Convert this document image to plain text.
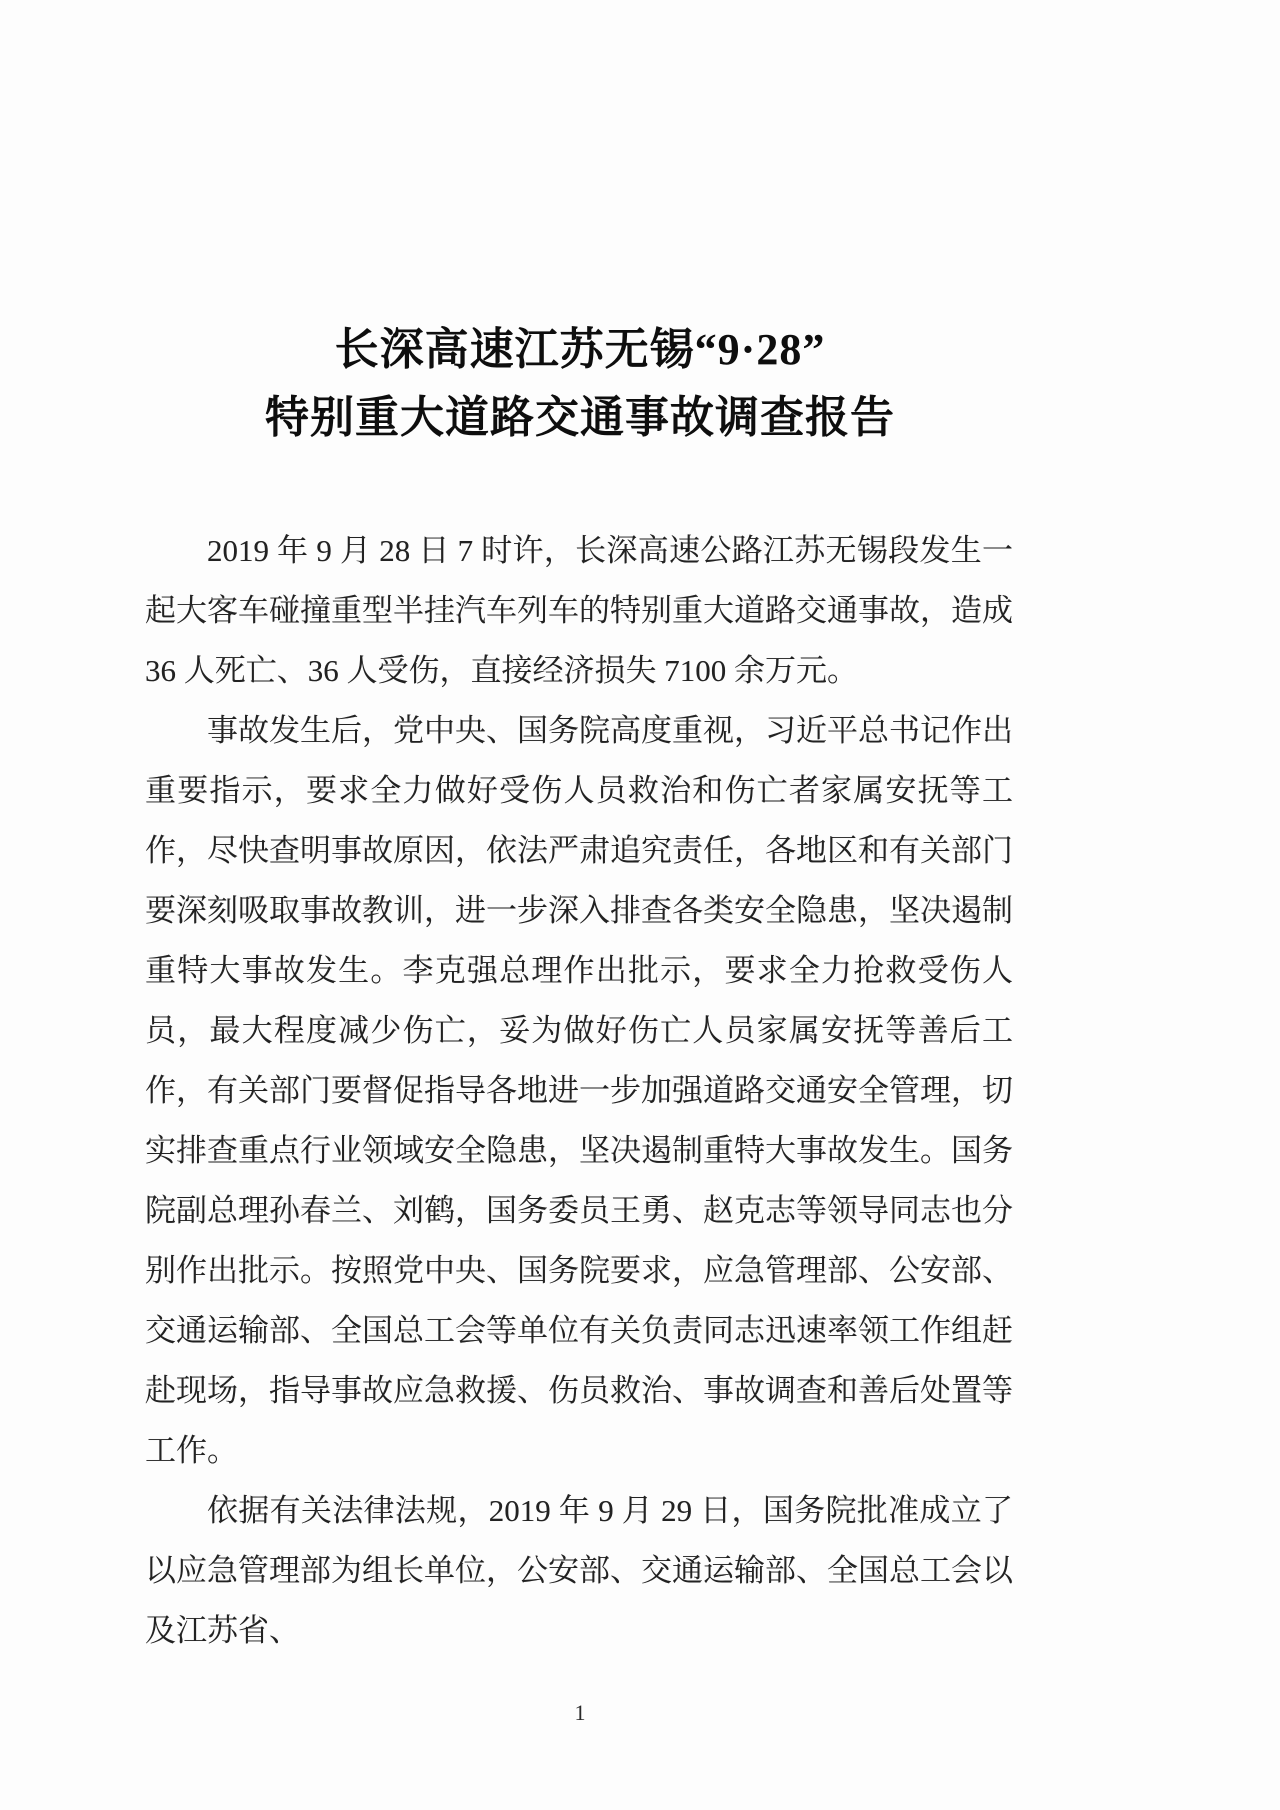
长深高速江苏无锡“9·28”
特别重大道路交通事故调查报告

2019 年 9 月 28 日 7 时许，长深高速公路江苏无锡段发生一起大客车碰撞重型半挂汽车列车的特别重大道路交通事故，造成 36 人死亡、36 人受伤，直接经济损失 7100 余万元。

事故发生后，党中央、国务院高度重视，习近平总书记作出重要指示，要求全力做好受伤人员救治和伤亡者家属安抚等工作，尽快查明事故原因，依法严肃追究责任，各地区和有关部门要深刻吸取事故教训，进一步深入排查各类安全隐患，坚决遏制重特大事故发生。李克强总理作出批示，要求全力抢救受伤人员，最大程度减少伤亡，妥为做好伤亡人员家属安抚等善后工作，有关部门要督促指导各地进一步加强道路交通安全管理，切实排查重点行业领域安全隐患，坚决遏制重特大事故发生。国务院副总理孙春兰、刘鹤，国务委员王勇、赵克志等领导同志也分别作出批示。按照党中央、国务院要求，应急管理部、公安部、交通运输部、全国总工会等单位有关负责同志迅速率领工作组赶赴现场，指导事故应急救援、伤员救治、事故调查和善后处置等工作。

依据有关法律法规，2019 年 9 月 29 日，国务院批准成立了以应急管理部为组长单位，公安部、交通运输部、全国总工会以及江苏省、

1
